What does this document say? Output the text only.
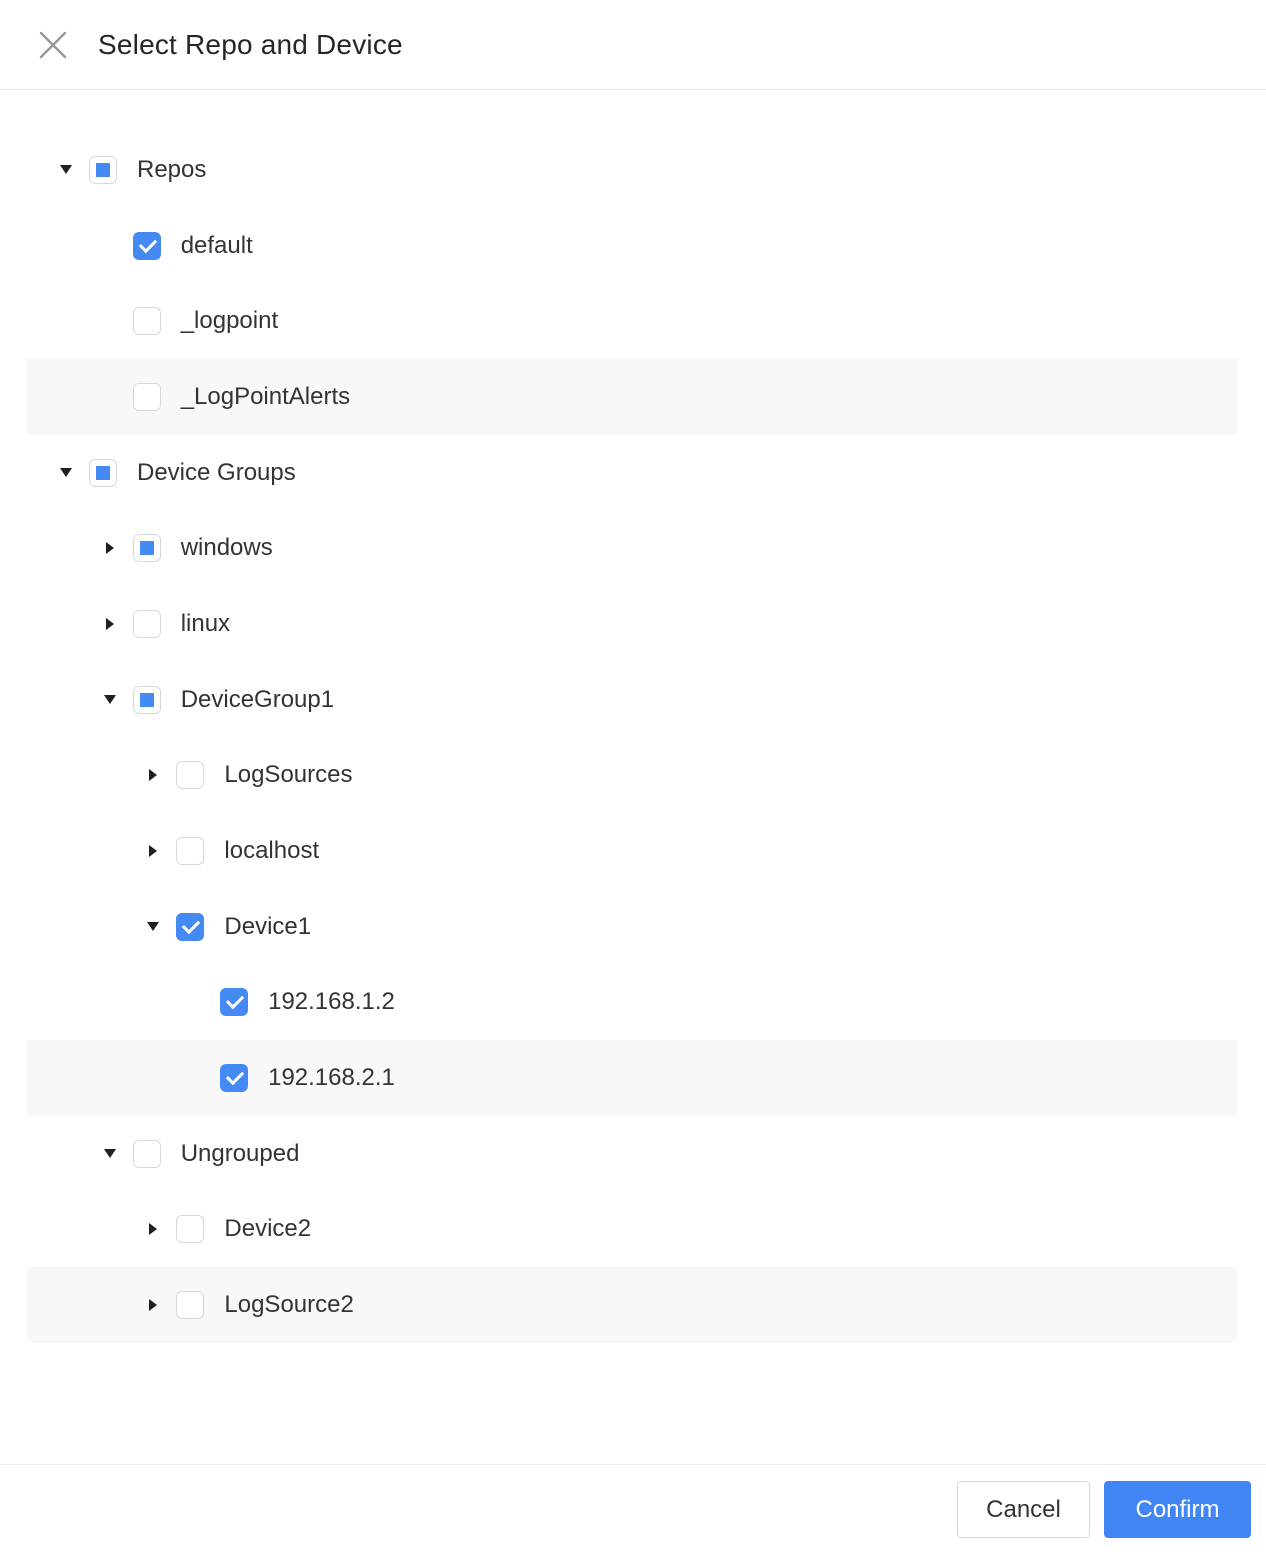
Select Repo and Device
Repos
default
_logpoint
_LogPointAlerts
Device Groups
windows
linux
DeviceGroup1
LogSources
localhost
Device1
192.168.1.2
192.168.2.1
Ungrouped
Device2
LogSource2
Cancel	Confirm
